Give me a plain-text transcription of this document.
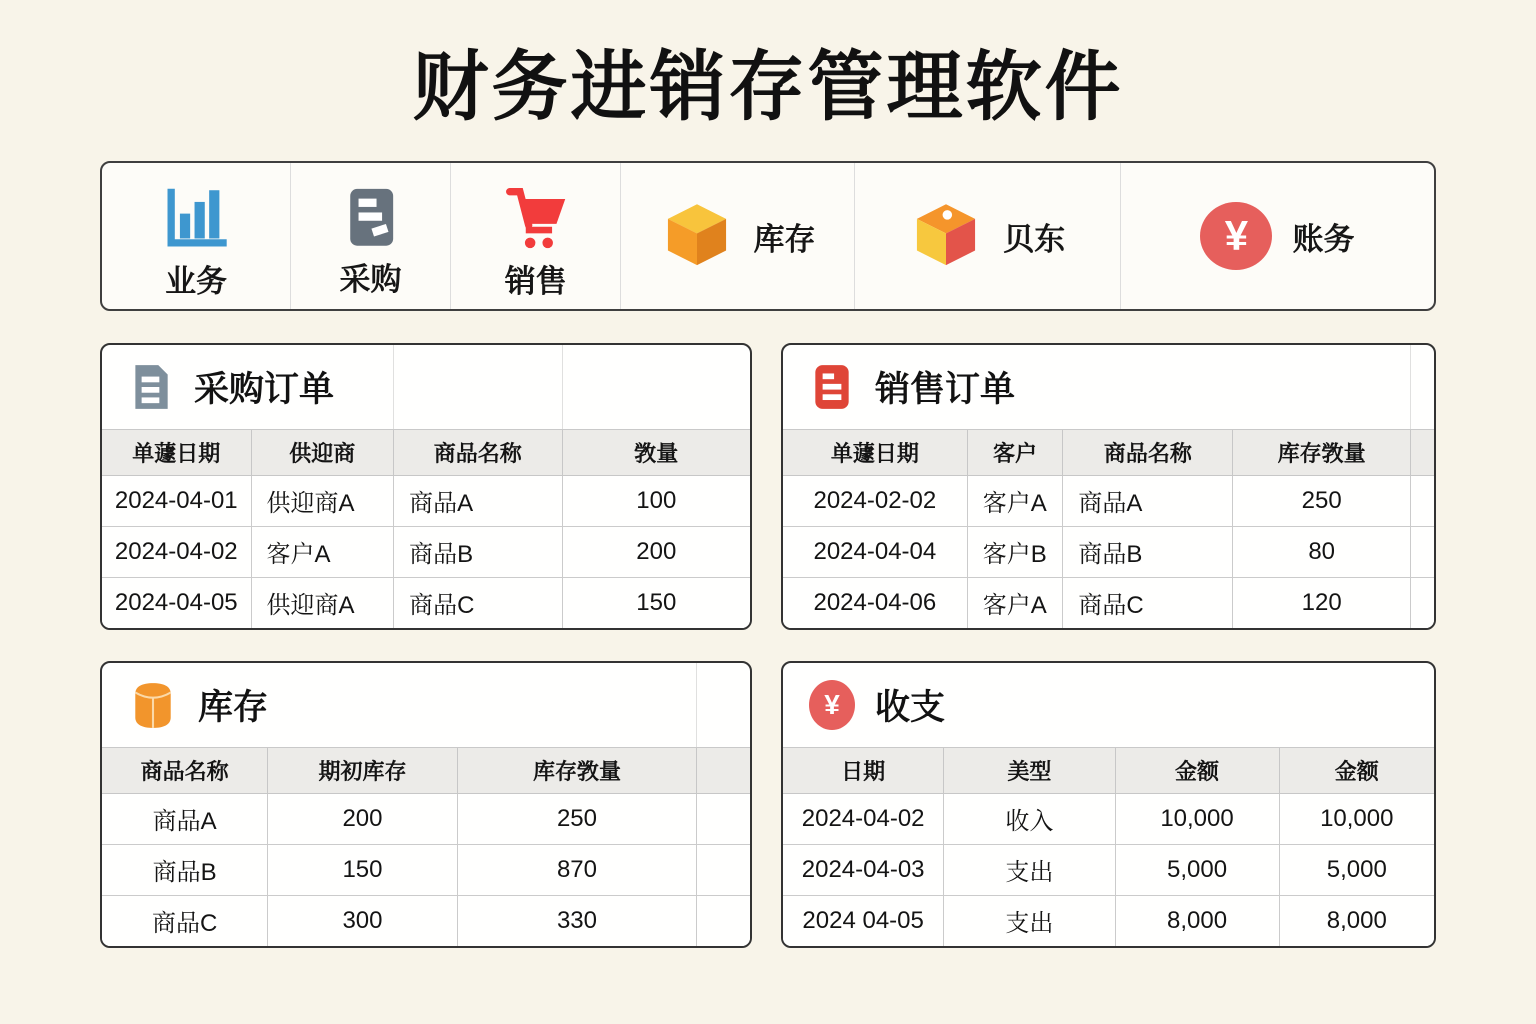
财务进销存管理软件
业务	采购	销售
库存	贝东	¥	账务
采购订单			

单蘧日期	供迎商	商品名称	敩量
2024-04-01	供迎商A	商品A	100
2024-04-02	客户A	商品B	200
2024-04-05	供迎商A	商品C	150
销售订单				

单蘧日期	客户	商品名称	库存敩量	
2024-02-02	客户A	商品A	250	
2024-04-04	客户B	商品B	80	
2024-04-06	客户A	商品C	120	
库存			

商品名称	期初库存	库存敩量	
商品A	200	250	
商品B	150	870	
商品C	300	330	
¥ 收支			

日期	美型	金额	金额
2024-04-02	收入	10,000	10,000
2024-04-03	支出	5,000	5,000
2024 04-05	支出	8,000	8,000
